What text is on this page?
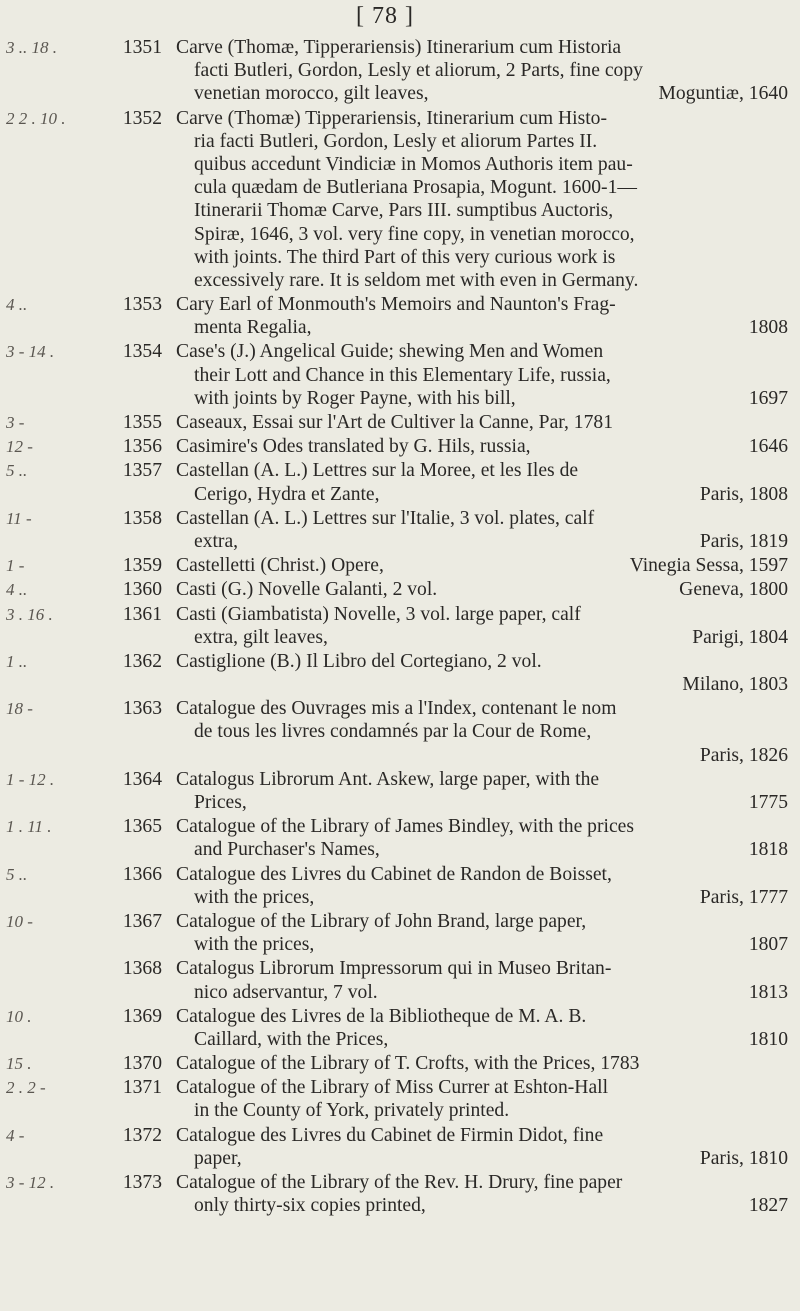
[ 78 ]
3 .. 18 .	1351 Carve (Thomæ, Tipperariensis) Itinerarium cum Historia
facti Butleri, Gordon, Lesly et aliorum, 2 Parts, fine copy
venetian morocco, gilt leaves,	Moguntiæ, 1640
2 2 . 10 .	1352 Carve (Thomæ) Tipperariensis, Itinerarium cum Histo-
ria facti Butleri, Gordon, Lesly et aliorum Partes II.
quibus accedunt Vindiciæ in Momos Authoris item pau-
cula quædam de Butleriana Prosapia, Mogunt. 1600-1—
Itinerarii Thomæ Carve, Pars III. sumptibus Auctoris,
Spiræ, 1646, 3 vol. very fine copy, in venetian morocco,
with joints. The third Part of this very curious work is
excessively rare. It is seldom met with even in Germany.
4 ..	1353 Cary Earl of Monmouth's Memoirs and Naunton's Frag-
menta Regalia,	1808
3 - 14 .	1354 Case's (J.) Angelical Guide; shewing Men and Women
their Lott and Chance in this Elementary Life, russia,
with joints by Roger Payne, with his bill,	1697
3 -	1355 Caseaux, Essai sur l'Art de Cultiver la Canne, Par, 1781
12 -	1356 Casimire's Odes translated by G. Hils, russia,	1646
5 ..	1357 Castellan (A. L.) Lettres sur la Moree, et les Iles de
Cerigo, Hydra et Zante,	Paris, 1808
11 -	1358 Castellan (A. L.) Lettres sur l'Italie, 3 vol. plates, calf
extra,	Paris, 1819
1 -	1359 Castelletti (Christ.) Opere,	Vinegia Sessa, 1597
4 ..	1360 Casti (G.) Novelle Galanti, 2 vol.	Geneva, 1800
3 . 16 .	1361 Casti (Giambatista) Novelle, 3 vol. large paper, calf
extra, gilt leaves,	Parigi, 1804
1 ..	1362 Castiglione (B.) Il Libro del Cortegiano, 2 vol.
Milano, 1803
18 -	1363 Catalogue des Ouvrages mis a l'Index, contenant le nom
de tous les livres condamnés par la Cour de Rome,
Paris, 1826
1 - 12 .	1364 Catalogus Librorum Ant. Askew, large paper, with the
Prices,	1775
1 . 11 .	1365 Catalogue of the Library of James Bindley, with the prices
and Purchaser's Names,	1818
5 ..	1366 Catalogue des Livres du Cabinet de Randon de Boisset,
with the prices,	Paris, 1777
10 -	1367 Catalogue of the Library of John Brand, large paper,
with the prices,	1807
1368 Catalogus Librorum Impressorum qui in Museo Britan-
nico adservantur, 7 vol.	1813
10 .	1369 Catalogue des Livres de la Bibliotheque de M. A. B.
Caillard, with the Prices,	1810
15 .	1370 Catalogue of the Library of T. Crofts, with the Prices, 1783
2 . 2 -	1371 Catalogue of the Library of Miss Currer at Eshton-Hall
in the County of York, privately printed.
4 -	1372 Catalogue des Livres du Cabinet de Firmin Didot, fine
paper,	Paris, 1810
3 - 12 .	1373 Catalogue of the Library of the Rev. H. Drury, fine paper
only thirty-six copies printed,	1827
